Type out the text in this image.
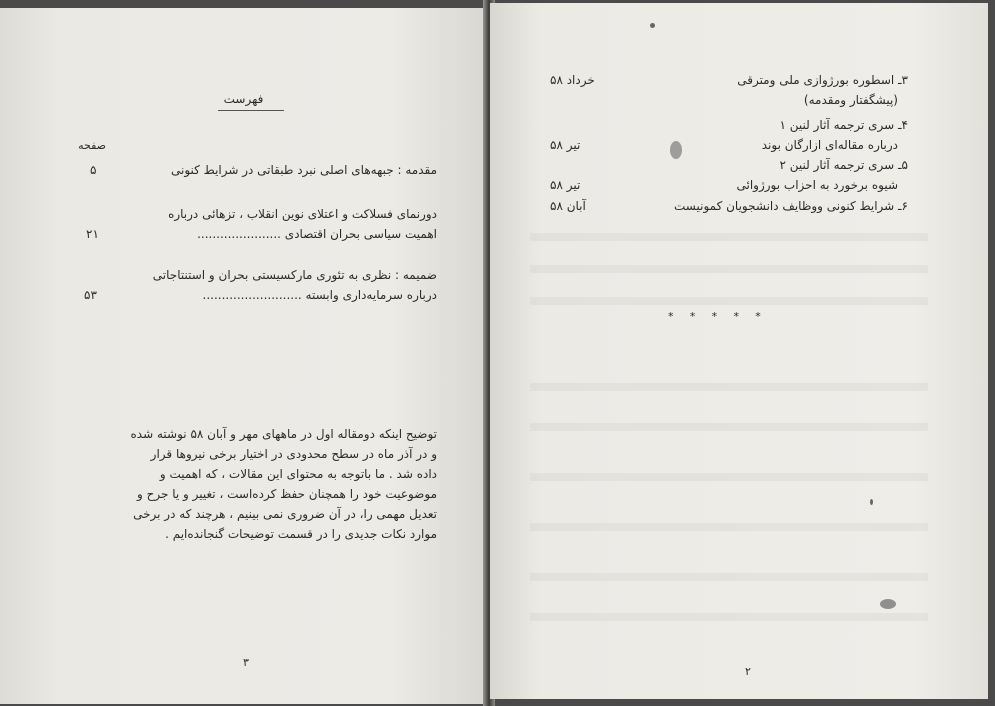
فهرست
صفحه
مقدمه : جبهه‌های اصلی نبرد طبقاتی در شرایط کنونی
۵
دورنمای فسلاکت و اعتلای نوین انقلاب ، تزهائی درباره
اهمیت سیاسی بحران اقتصادی ......................
۲۱
ضمیمه : نظری به تئوری مارکسیستی بحران و استنتاجاتی
درباره سرمایه‌داری وابسته ..........................
۵۳
توضیح اینکه دومقاله اول در ماههای مهر و آبان ۵۸ نوشته شده
و در آذر ماه در سطح محدودی در اختیار برخی نیروها قرار
داده شد . ما باتوجه به محتوای این مقالات ، که اهمیت و
موضوعیت خود را همچنان حفظ کرده‌است ، تغییر و یا جرح و
تعدیل مهمی را، در آن ضروری نمی بینیم ، هرچند که در برخی
موارد نکات جدیدی را در قسمت توضیحات گنجانده‌ایم .
۳
۳ـ اسطوره بورژوازی ملی ومترقی
خرداد ۵۸
(پیشگفتار ومقدمه)
۴ـ سری ترجمه آثار لنین ۱
درباره مقاله‌ای ازارگان بوند
تیر ۵۸
۵ـ سری ترجمه آثار لنین ۲
شیوه برخورد به احزاب بورژوائی
تیر ۵۸
۶ـ شرایط کنونی ووظایف دانشجویان کمونیست
آبان ۵۸
* * * * *
۲
